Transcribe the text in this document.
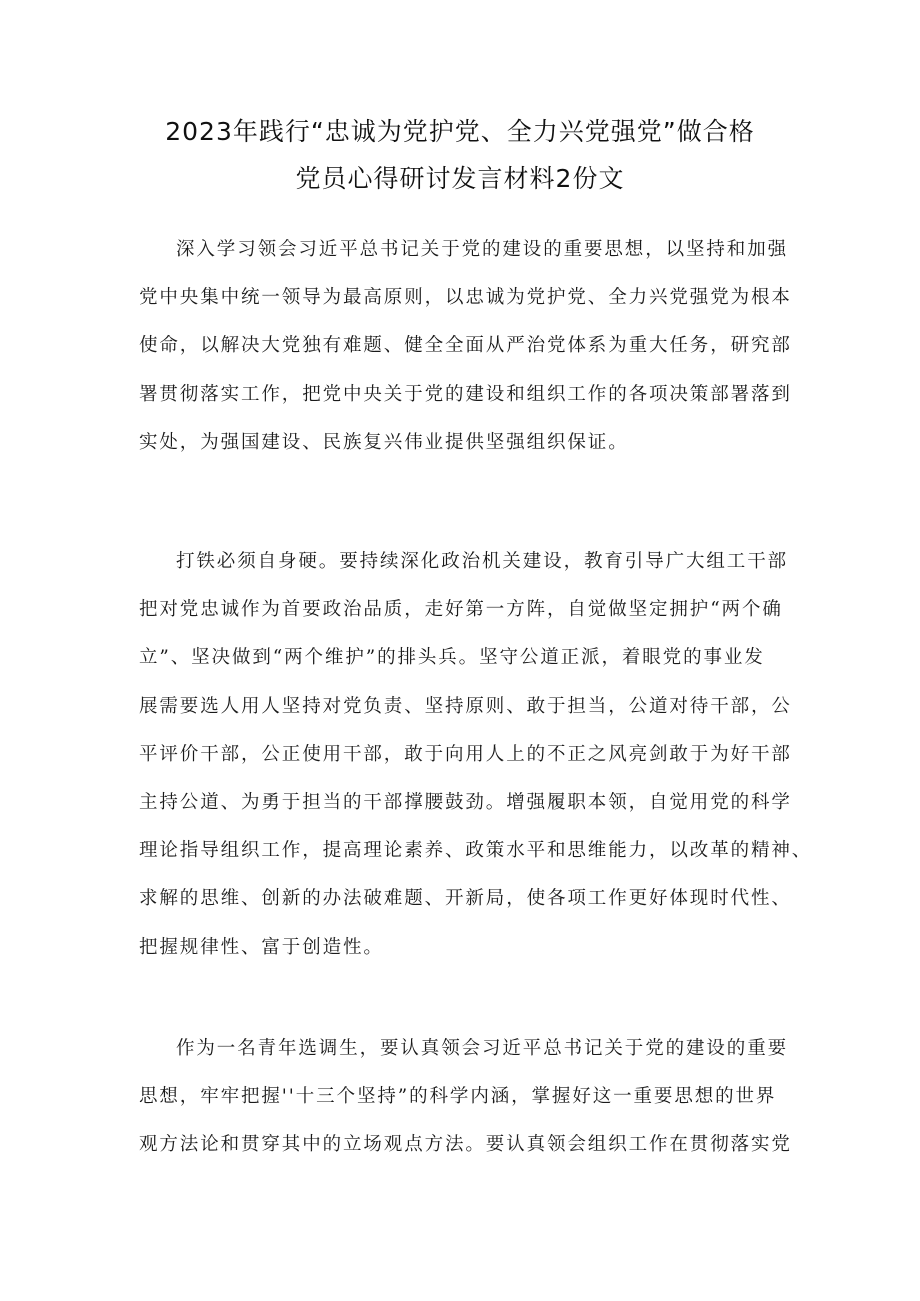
2023年践行“忠诚为党护党、全力兴党强党”做合格
党员心得研讨发言材料2份文
深入学习领会习近平总书记关于党的建设的重要思想，以坚持和加强
党中央集中统一领导为最高原则，以忠诚为党护党、全力兴党强党为根本
使命，以解决大党独有难题、健全全面从严治党体系为重大任务，研究部
署贯彻落实工作，把党中央关于党的建设和组织工作的各项决策部署落到
实处，为强国建设、民族复兴伟业提供坚强组织保证。
打铁必须自身硬。要持续深化政治机关建设，教育引导广大组工干部
把对党忠诚作为首要政治品质，走好第一方阵，自觉做坚定拥护“两个确
立”、坚决做到“两个维护”的排头兵。坚守公道正派，着眼党的事业发
展需要选人用人坚持对党负责、坚持原则、敢于担当，公道对待干部，公
平评价干部，公正使用干部，敢于向用人上的不正之风亮剑敢于为好干部
主持公道、为勇于担当的干部撑腰鼓劲。增强履职本领，自觉用党的科学
理论指导组织工作，提高理论素养、政策水平和思维能力，以改革的精神、
求解的思维、创新的办法破难题、开新局，使各项工作更好体现时代性、
把握规律性、富于创造性。
作为一名青年选调生，要认真领会习近平总书记关于党的建设的重要
思想，牢牢把握''十三个坚持”的科学内涵，掌握好这一重要思想的世界
观方法论和贯穿其中的立场观点方法。要认真领会组织工作在贯彻落实党
